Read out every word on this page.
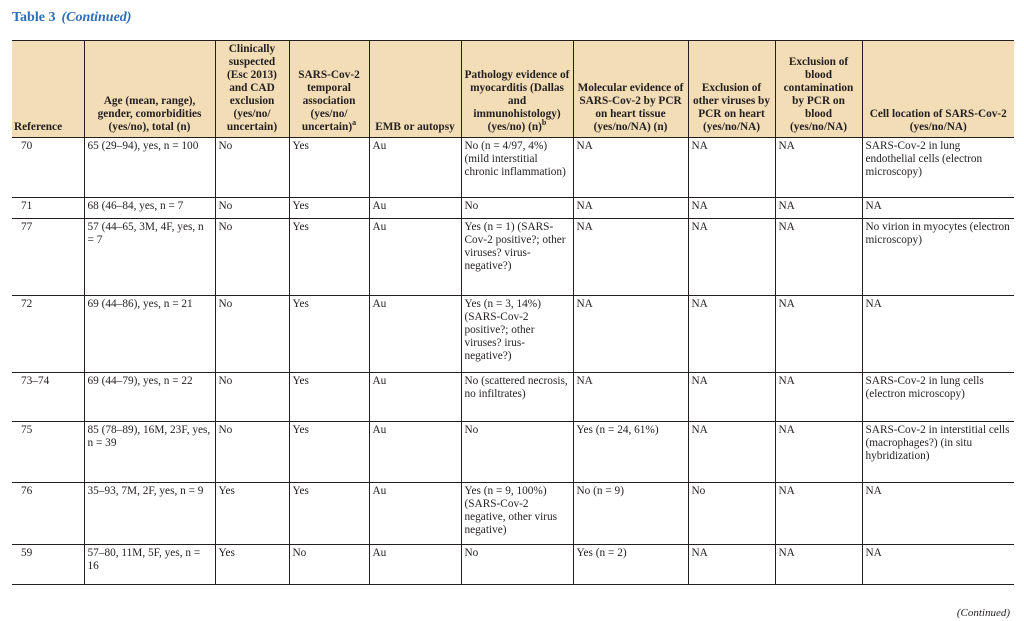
Table 3 (Continued)
Reference	Age (mean, range), gender, comorbidities (yes/no), total (n)	Clinically suspected (Esc 2013) and CAD exclusion (yes/no/ uncertain)	SARS-Cov-2 temporal association (yes/no/ uncertain)$^a$	EMB or autopsy	Pathology evidence of myocarditis (Dallas and immunohistology) (yes/no) $(n)^b$	Molecular evidence of SARS-Cov-2 by PCR on heart tissue (yes/no/NA) (n)	Exclusion of other viruses by PCR on heart (yes/no/NA)	Exclusion of blood contamination by PCR on blood (yes/no/NA)	Cell location of SARS-Cov-2 (yes/no/NA)
70	65 (29–94), yes, n = 100	No	Yes	Au	No (n = 4/97, 4%) (mild interstitial chronic inflammation)	NA	NA	NA	SARS-Cov-2 in lung endothelial cells (electron microscopy)
71	68 (46–84, yes, n = 7	No	Yes	Au	No	NA	NA	NA	NA
77	57 (44–65, 3M, 4F, yes, n = 7	No	Yes	Au	Yes (n = 1) (SARS-Cov-2 positive?; other viruses? virus-negative?)	NA	NA	NA	No virion in myocytes (electron microscopy)
72	69 (44–86), yes, n = 21	No	Yes	Au	Yes (n = 3, 14%) (SARS-Cov-2 positive?; other viruses? irus-negative?)	NA	NA	NA	NA
73–74	69 (44–79), yes, n = 22	No	Yes	Au	No (scattered necrosis, no infiltrates)	NA	NA	NA	SARS-Cov-2 in lung cells (electron microscopy)
75	85 (78–89), 16M, 23F, yes, n = 39	No	Yes	Au	No	Yes (n = 24, 61%)	NA	NA	SARS-Cov-2 in interstitial cells (macrophages?) (in situ hybridization)
76	35–93, 7M, 2F, yes, n = 9	Yes	Yes	Au	Yes (n = 9, 100%) (SARS-Cov-2 negative, other virus negative)	No (n = 9)	No	NA	NA
59	57–80, 11M, 5F, yes, n = 16	Yes	No	Au	No	Yes (n = 2)	NA	NA	NA
(Continued)
